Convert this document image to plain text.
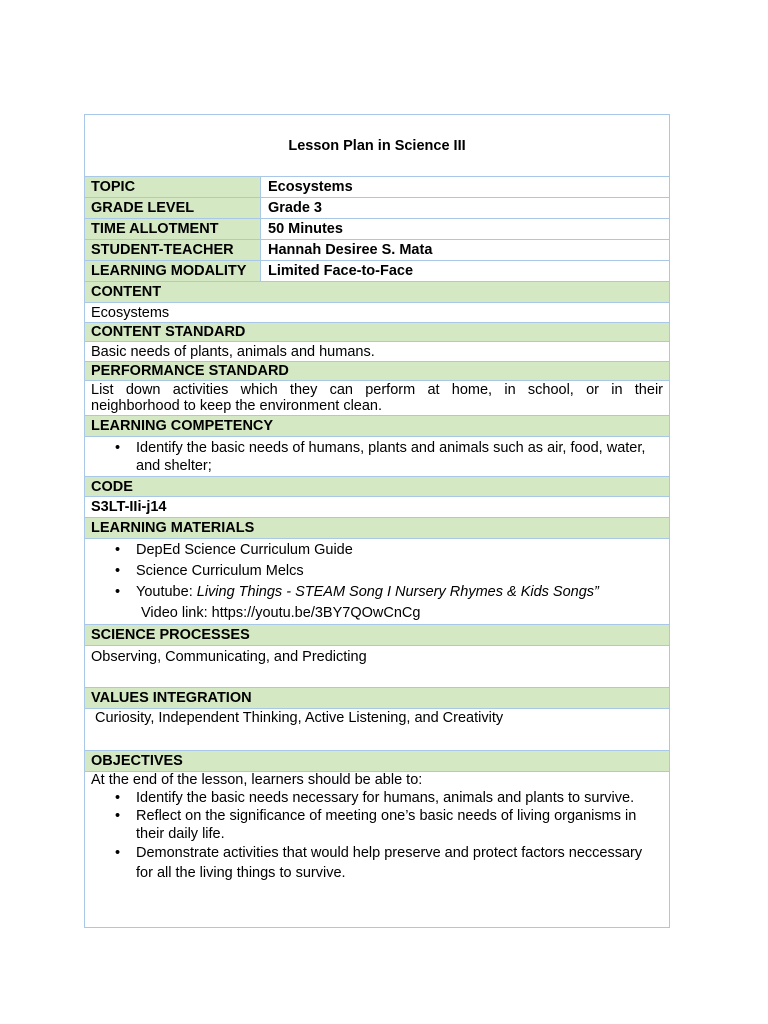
Lesson Plan in Science III
TOPIC	Ecosystems
GRADE LEVEL	Grade 3
TIME ALLOTMENT	50 Minutes
STUDENT-TEACHER	Hannah Desiree S. Mata
LEARNING MODALITY	Limited Face-to-Face
CONTENT
Ecosystems
CONTENT STANDARD
Basic needs of plants, animals and humans.
PERFORMANCE STANDARD
List down activities which they can perform at home, in school, or in their
neighborhood to keep the environment clean.
LEARNING COMPETENCY
• Identify the basic needs of humans, plants and animals such as air, food, water, and shelter;
CODE
S3LT-IIi-j14
LEARNING MATERIALS
• DepEd Science Curriculum Guide
• Science Curriculum Melcs
• Youtube: Living Things - STEAM Song I Nursery Rhymes & Kids Songs”
Video link: https://youtu.be/3BY7QOwCnCg
SCIENCE PROCESSES
Observing, Communicating, and Predicting
VALUES INTEGRATION
Curiosity, Independent Thinking, Active Listening, and Creativity
OBJECTIVES
At the end of the lesson, learners should be able to:
• Identify the basic needs necessary for humans, animals and plants to survive.
• Reflect on the significance of meeting one’s basic needs of living organisms in their daily life.
• Demonstrate activities that would help preserve and protect factors neccessary for all the living things to survive.
